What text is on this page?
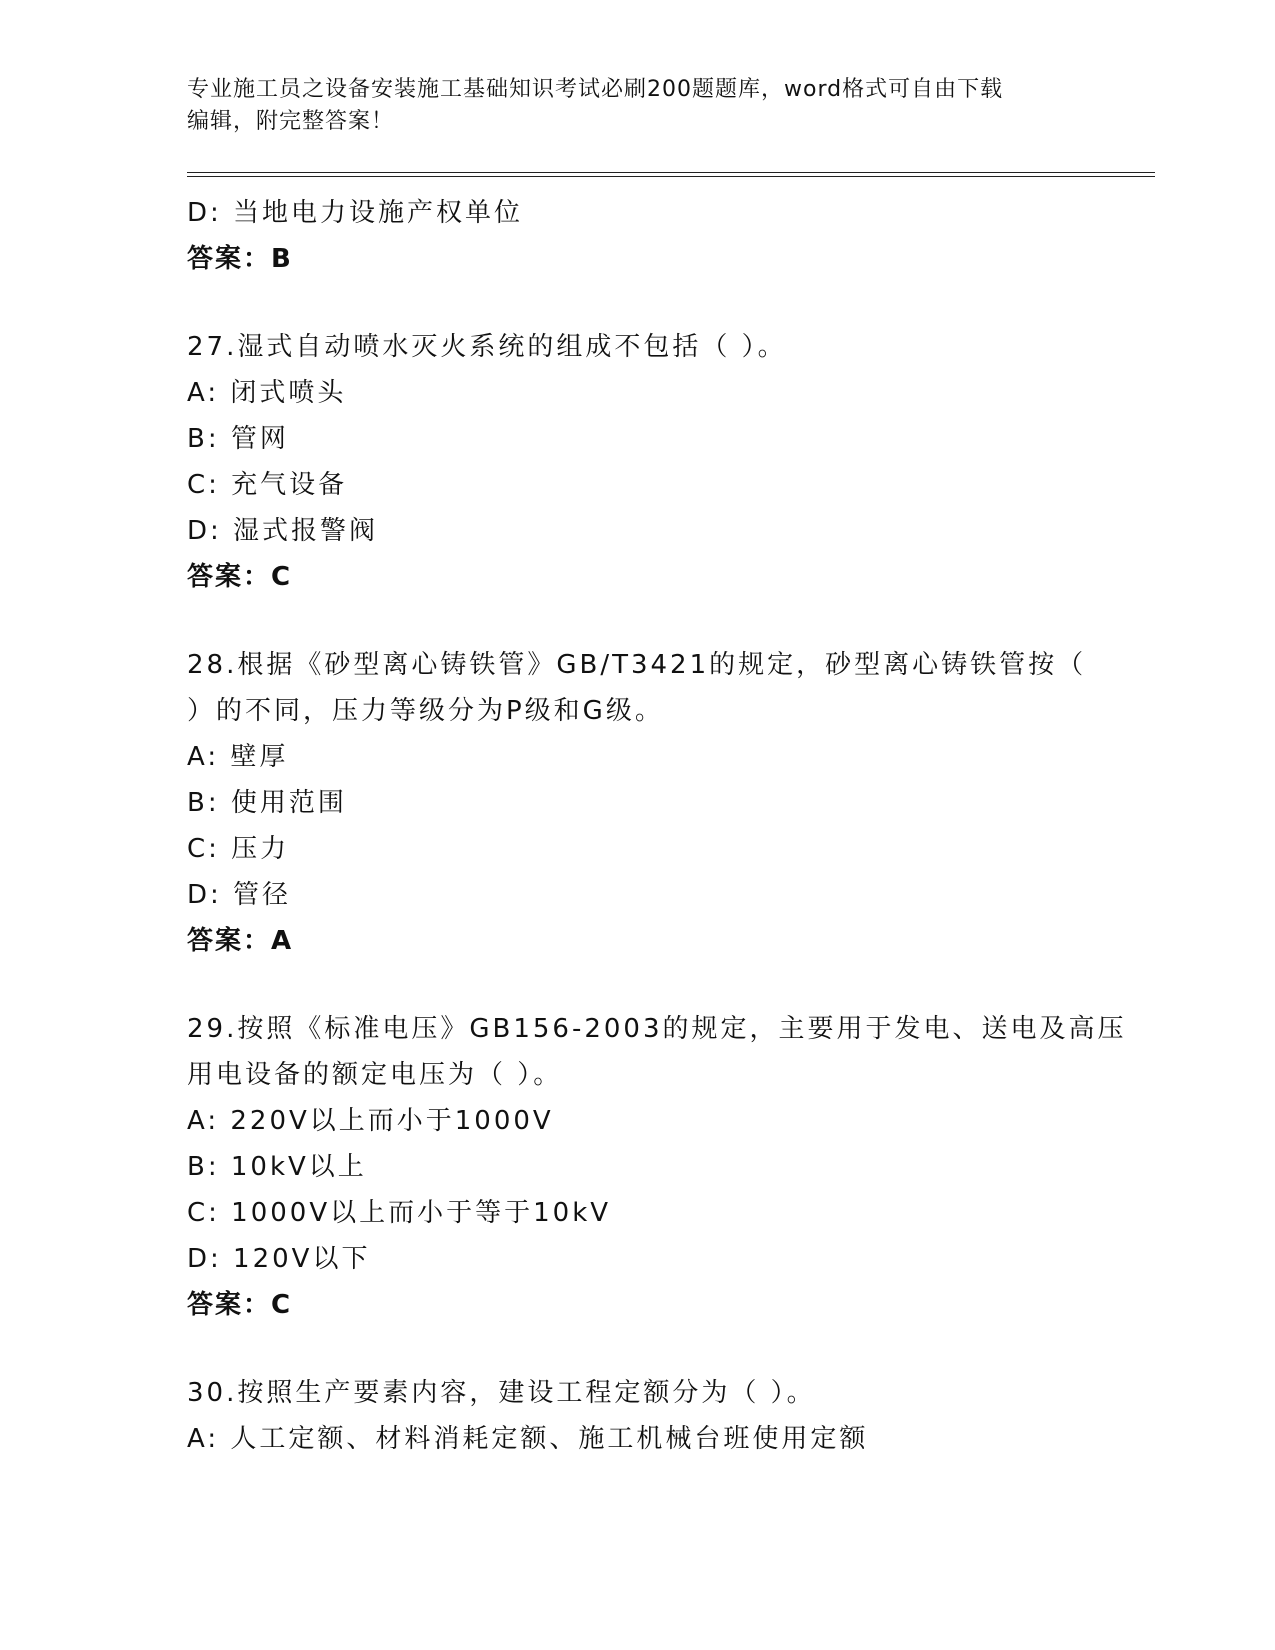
专业施工员之设备安装施工基础知识考试必刷200题题库，word格式可自由下载
编辑，附完整答案！
D: 当地电力设施产权单位
答案：B
27.湿式自动喷水灭火系统的组成不包括（ ）。
A: 闭式喷头
B: 管网
C: 充气设备
D: 湿式报警阀
答案：C
28.根据《砂型离心铸铁管》GB/T3421的规定，砂型离心铸铁管按（
）的不同，压力等级分为P级和G级。
A: 壁厚
B: 使用范围
C: 压力
D: 管径
答案：A
29.按照《标准电压》GB156-2003的规定，主要用于发电、送电及高压
用电设备的额定电压为（ ）。
A: 220V以上而小于1000V
B: 10kV以上
C: 1000V以上而小于等于10kV
D: 120V以下
答案：C
30.按照生产要素内容，建设工程定额分为（ ）。
A: 人工定额、材料消耗定额、施工机械台班使用定额
